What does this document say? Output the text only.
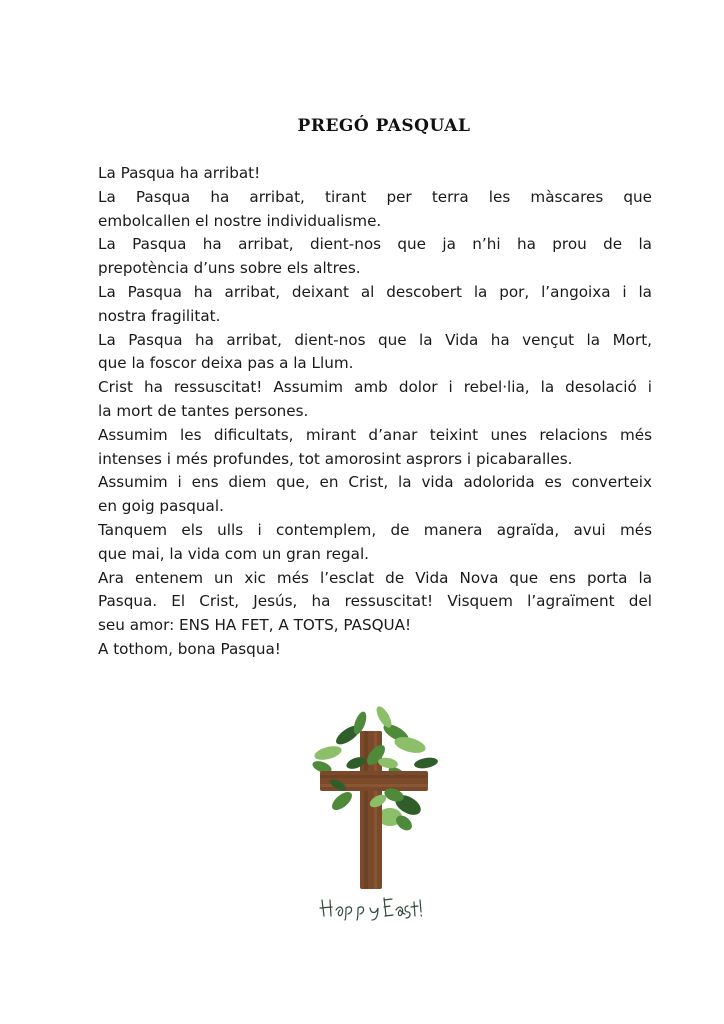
PREGÓ PASQUAL

La Pasqua ha arribat!

La Pasqua ha arribat, tirant per terra les màscares que
embolcallen el nostre individualisme.

La Pasqua ha arribat, dient-nos que ja n’hi ha prou de la
prepotència d’uns sobre els altres.

La Pasqua ha arribat, deixant al descobert la por, l’angoixa i la
nostra fragilitat.

La Pasqua ha arribat, dient-nos que la Vida ha vençut la Mort,
que la foscor deixa pas a la Llum.

Crist ha ressuscitat! Assumim amb dolor i rebel·lia, la desolació i
la mort de tantes persones.

Assumim les dificultats, mirant d’anar teixint unes relacions més
intenses i més profundes, tot amorosint asprors i picabaralles.

Assumim i ens diem que, en Crist, la vida adolorida es converteix
en goig pasqual.

Tanquem els ulls i contemplem, de manera agraïda, avui més
que mai, la vida com un gran regal.

Ara entenem un xic més l’esclat de Vida Nova que ens porta la
Pasqua. El Crist, Jesús, ha ressuscitat! Visquem l’agraïment del
seu amor: ENS HA FET, A TOTS, PASQUA!

A tothom, bona Pasqua!
